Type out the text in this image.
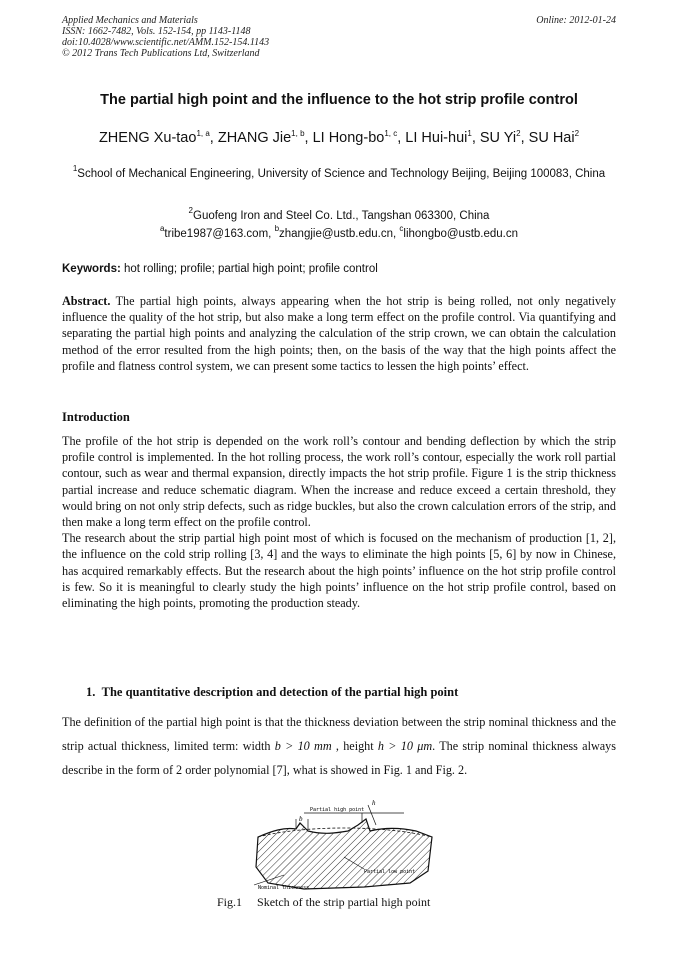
Applied Mechanics and Materials
ISSN: 1662-7482, Vols. 152-154, pp 1143-1148
doi:10.4028/www.scientific.net/AMM.152-154.1143
© 2012 Trans Tech Publications Ltd, Switzerland
Online: 2012-01-24
The partial high point and the influence to the hot strip profile control
ZHENG Xu-tao$^{1, a}$, ZHANG Jie$^{1, b}$, LI Hong-bo$^{1, c}$, LI Hui-hui$^1$, SU Yi$^2$, SU Hai$^2$
$^1$School of Mechanical Engineering, University of Science and Technology Beijing, Beijing 100083, China
$^2$Guofeng Iron and Steel Co. Ltd., Tangshan 063300, China
$^a$tribe1987@163.com, $^b$zhangjie@ustb.edu.cn, $^c$lihongbo@ustb.edu.cn
Keywords: hot rolling; profile; partial high point; profile control
Abstract. The partial high points, always appearing when the hot strip is being rolled, not only negatively influence the quality of the hot strip, but also make a long term effect on the profile control. Via quantifying and separating the partial high points and analyzing the calculation of the strip crown, we can obtain the calculation method of the error resulted from the high points; then, on the basis of the way that the high points affect the profile and flatness control system, we can present some tactics to lessen the high points’ effect.
Introduction
The profile of the hot strip is depended on the work roll’s contour and bending deflection by which the strip profile control is implemented. In the hot rolling process, the work roll’s contour, especially the work roll partial contour, such as wear and thermal expansion, directly impacts the hot strip profile. Figure 1 is the strip thickness partial increase and reduce schematic diagram. When the increase and reduce exceed a certain threshold, they would bring on not only strip defects, such as ridge buckles, but also the crown calculation errors of the strip, and then make a long term effect on the profile control.
The research about the strip partial high point most of which is focused on the mechanism of production [1, 2], the influence on the cold strip rolling [3, 4] and the ways to eliminate the high points [5, 6] by now in Chinese, has acquired remarkably effects. But the research about the high points’ influence on the hot strip profile control is few. So it is meaningful to clearly study the high points’ influence on the hot strip profile control, based on eliminating the high points, promoting the production steady.
1. The quantitative description and detection of the partial high point
The definition of the partial high point is that the thickness deviation between the strip nominal thickness and the strip actual thickness, limited term: width b > 10 mm , height h > 10 μm. The strip nominal thickness always describe in the form of 2 order polynomial [7], what is showed in Fig. 1 and Fig. 2.
Partial high point
Partial low point
Nominal thickness
b
h
Fig.1 Sketch of the strip partial high point
